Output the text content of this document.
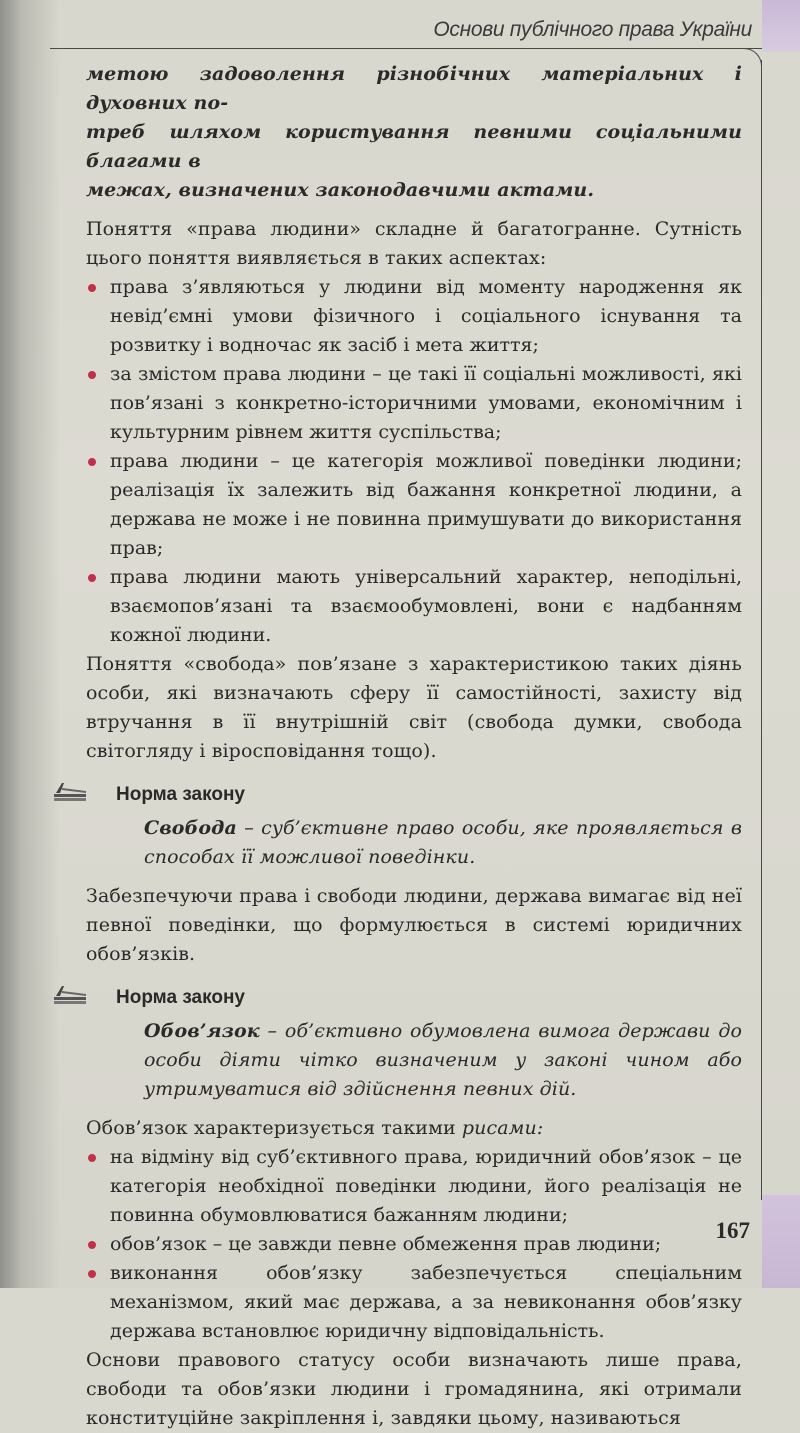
Основи публічного права України
метою задоволення різнобічних матеріальних і духовних по-
треб шляхом користування певними соціальними благами в
межах, визначених законодавчими актами.
Поняття «права людини» складне й багатогранне. Сутність цього поняття виявляється в таких аспектах:
права з’являються у людини від моменту народження як невід’ємні умови фізичного і соціального існування та розвитку і водночас як засіб і мета життя;
за змістом права людини – це такі її соціальні можливості, які пов’язані з конкретно-історичними умовами, економічним і культурним рівнем життя суспільства;
права людини – це категорія можливої поведінки людини; реалізація їх залежить від бажання конкретної людини, а держава не може і не повинна примушувати до використання прав;
права людини мають універсальний характер, неподільні, взаємопов’язані та взаємообумовлені, вони є надбанням кожної людини.
Поняття «свобода» пов’язане з характеристикою таких діянь особи, які визначають сферу її самостійності, захисту від втручання в її внутрішній світ (свобода думки, свобода світогляду і віросповідання тощо).
Норма закону
Свобода – суб’єктивне право особи, яке проявляється в способах її можливої поведінки.
Забезпечуючи права і свободи людини, держава вимагає від неї певної поведінки, що формулюється в системі юридичних обов’язків.
Норма закону
Обов’язок – об’єктивно обумовлена вимога держави до особи діяти чітко визначеним у законі чином або утримуватися від здійснення певних дій.
Обов’язок характеризується такими рисами:
на відміну від суб’єктивного права, юридичний обов’язок – це категорія необхідної поведінки людини, його реалізація не повинна обумовлюватися бажанням людини;
обов’язок – це завжди певне обмеження прав людини;
виконання обов’язку забезпечується спеціальним механізмом, який має держава, а за невиконання обов’язку держава встановлює юридичну відповідальність.
Основи правового статусу особи визначають лише права, свободи та обов’язки людини і громадянина, які отримали конституційне закріплення і, завдяки цьому, називаються
167
